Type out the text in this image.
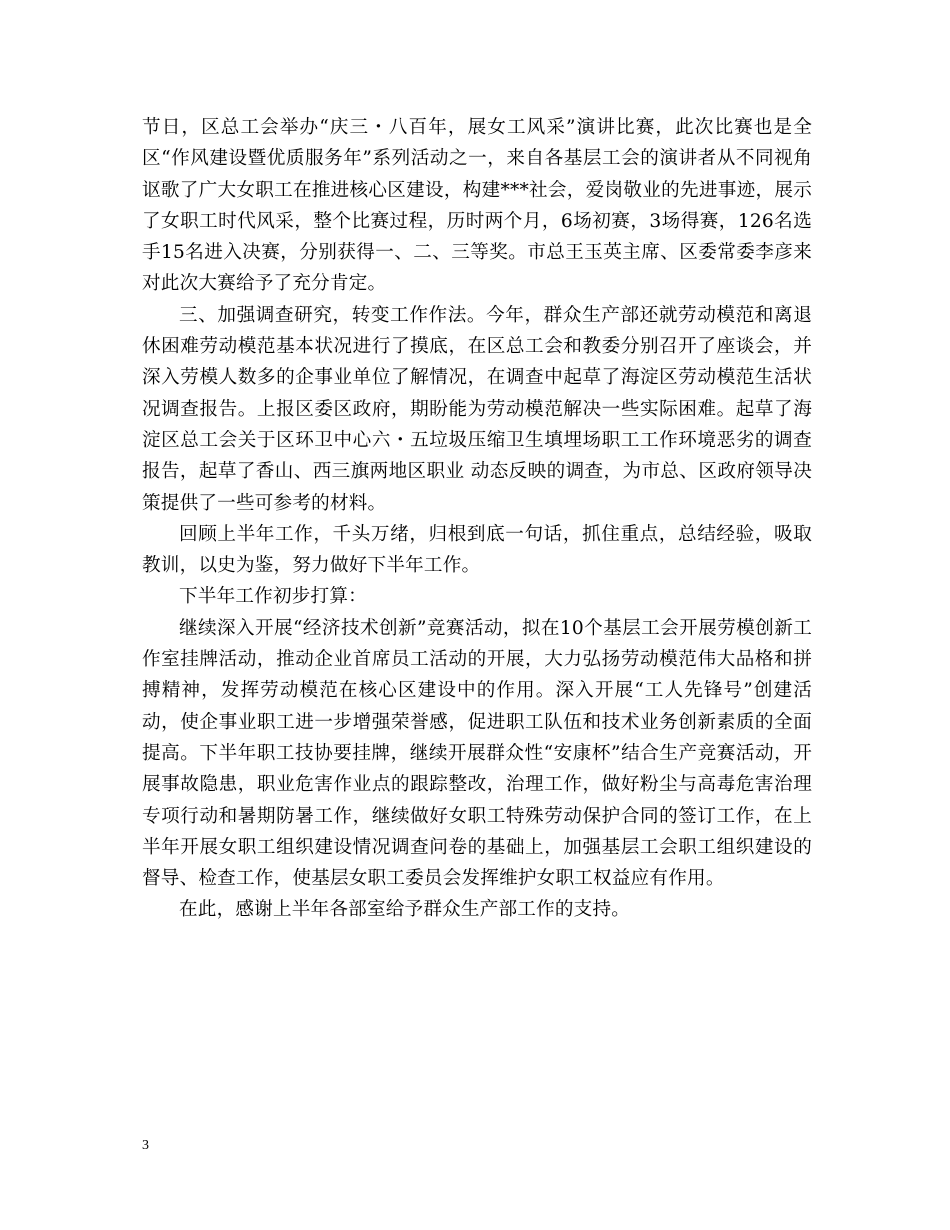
节日，区总工会举办“庆三・八百年，展女工风采”演讲比赛，此次比赛也是全区“作风建设暨优质服务年”系列活动之一，来自各基层工会的演讲者从不同视角讴歌了广大女职工在推进核心区建设，构建***社会，爱岗敬业的先进事迹，展示了女职工时代风采，整个比赛过程，历时两个月，6场初赛，3场得赛，126名选手15名进入决赛，分别获得一、二、三等奖。市总王玉英主席、区委常委李彦来对此次大赛给予了充分肯定。

三、加强调查研究，转变工作作法。今年，群众生产部还就劳动模范和离退休困难劳动模范基本状况进行了摸底，在区总工会和教委分别召开了座谈会，并深入劳模人数多的企事业单位了解情况，在调查中起草了海淀区劳动模范生活状况调查报告。上报区委区政府，期盼能为劳动模范解决一些实际困难。起草了海淀区总工会关于区环卫中心六・五垃圾压缩卫生填埋场职工工作环境恶劣的调查报告，起草了香山、西三旗两地区职业 动态反映的调查，为市总、区政府领导决策提供了一些可参考的材料。

回顾上半年工作，千头万绪，归根到底一句话，抓住重点，总结经验，吸取教训，以史为鉴，努力做好下半年工作。

下半年工作初步打算：

继续深入开展“经济技术创新”竞赛活动，拟在10个基层工会开展劳模创新工作室挂牌活动，推动企业首席员工活动的开展，大力弘扬劳动模范伟大品格和拼搏精神，发挥劳动模范在核心区建设中的作用。深入开展“工人先锋号”创建活动，使企事业职工进一步增强荣誉感，促进职工队伍和技术业务创新素质的全面提高。下半年职工技协要挂牌，继续开展群众性“安康杯”结合生产竞赛活动，开展事故隐患，职业危害作业点的跟踪整改，治理工作，做好粉尘与高毒危害治理专项行动和暑期防暑工作，继续做好女职工特殊劳动保护合同的签订工作，在上半年开展女职工组织建设情况调查问卷的基础上，加强基层工会职工组织建设的督导、检查工作，使基层女职工委员会发挥维护女职工权益应有作用。

在此，感谢上半年各部室给予群众生产部工作的支持。

3
